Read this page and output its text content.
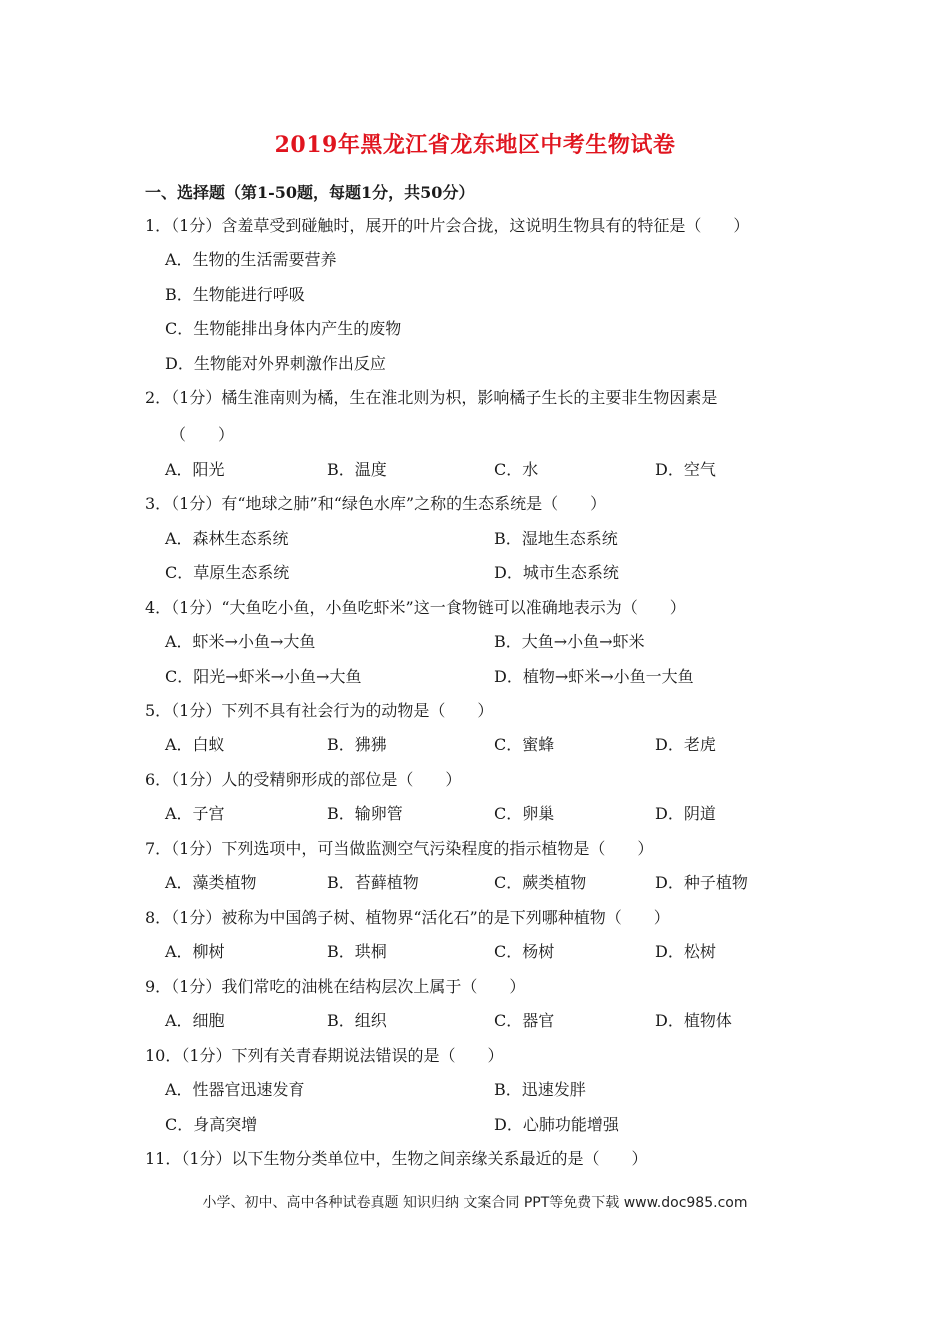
2019年黑龙江省龙东地区中考生物试卷
一、选择题（第1-50题，每题1分，共50分）
1．（1分）含羞草受到碰触时，展开的叶片会合拢，这说明生物具有的特征是（　　）
A．生物的生活需要营养
B．生物能进行呼吸
C．生物能排出身体内产生的废物
D．生物能对外界刺激作出反应
2．（1分）橘生淮南则为橘，生在淮北则为枳，影响橘子生长的主要非生物因素是
（　　）
A．阳光	B．温度	C．水	D．空气
3．（1分）有“地球之肺”和“绿色水库”之称的生态系统是（　　）
A．森林生态系统	B．湿地生态系统
C．草原生态系统	D．城市生态系统
4．（1分）“大鱼吃小鱼，小鱼吃虾米”这一食物链可以准确地表示为（　　）
A．虾米→小鱼→大鱼	B．大鱼→小鱼→虾米
C．阳光→虾米→小鱼→大鱼	D．植物→虾米→小鱼一大鱼
5．（1分）下列不具有社会行为的动物是（　　）
A．白蚁	B．狒狒	C．蜜蜂	D．老虎
6．（1分）人的受精卵形成的部位是（　　）
A．子宫	B．输卵管	C．卵巢	D．阴道
7．（1分）下列选项中，可当做监测空气污染程度的指示植物是（　　）
A．藻类植物	B．苔藓植物	C．蕨类植物	D．种子植物
8．（1分）被称为中国鸽子树、植物界“活化石”的是下列哪种植物（　　）
A．柳树	B．珙桐	C．杨树	D．松树
9．（1分）我们常吃的油桃在结构层次上属于（　　）
A．细胞	B．组织	C．器官	D．植物体
10．（1分）下列有关青春期说法错误的是（　　）
A．性器官迅速发育	B．迅速发胖
C．身高突增	D．心肺功能增强
11．（1分）以下生物分类单位中，生物之间亲缘关系最近的是（　　）
小学、初中、高中各种试卷真题 知识归纳 文案合同 PPT等免费下载 www.doc985.com
